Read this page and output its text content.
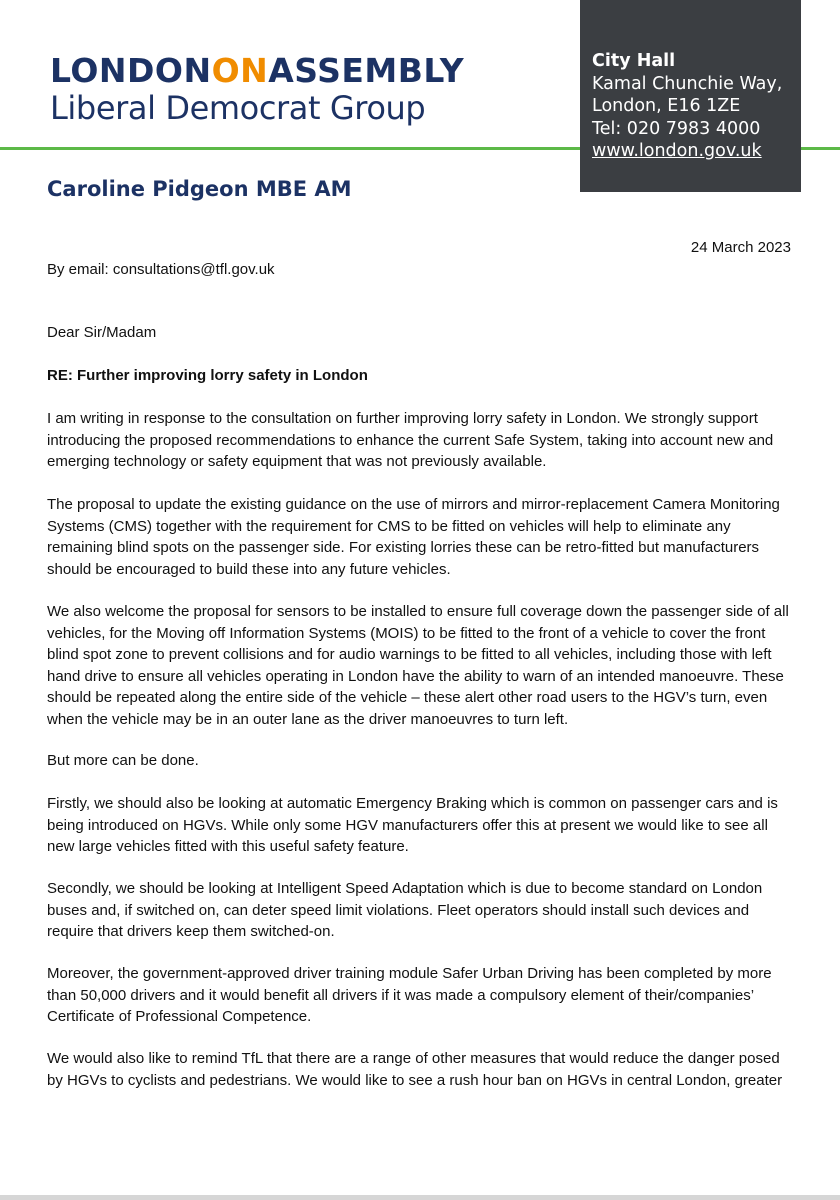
LONDONONASSEMBLY
Liberal Democrat Group
City Hall
Kamal Chunchie Way,
London, E16 1ZE
Tel: 020 7983 4000
www.london.gov.uk
Caroline Pidgeon MBE AM
24 March 2023
By email: consultations@tfl.gov.uk
Dear Sir/Madam
RE: Further improving lorry safety in London

I am writing in response to the consultation on further improving lorry safety in London. We strongly support introducing the proposed recommendations to enhance the current Safe System, taking into account new and emerging technology or safety equipment that was not previously available.

The proposal to update the existing guidance on the use of mirrors and mirror-replacement Camera Monitoring Systems (CMS) together with the requirement for CMS to be fitted on vehicles will help to eliminate any remaining blind spots on the passenger side. For existing lorries these can be retro-fitted but manufacturers should be encouraged to build these into any future vehicles.

We also welcome the proposal for sensors to be installed to ensure full coverage down the passenger side of all vehicles, for the Moving off Information Systems (MOIS) to be fitted to the front of a vehicle to cover the front blind spot zone to prevent collisions and for audio warnings to be fitted to all vehicles, including those with left hand drive to ensure all vehicles operating in London have the ability to warn of an intended manoeuvre. These should be repeated along the entire side of the vehicle – these alert other road users to the HGV’s turn, even when the vehicle may be in an outer lane as the driver manoeuvres to turn left.

But more can be done.

Firstly, we should also be looking at automatic Emergency Braking which is common on passenger cars and is being introduced on HGVs. While only some HGV manufacturers offer this at present we would like to see all new large vehicles fitted with this useful safety feature.

Secondly, we should be looking at Intelligent Speed Adaptation which is due to become standard on London buses and, if switched on, can deter speed limit violations. Fleet operators should install such devices and require that drivers keep them switched-on.

Moreover, the government-approved driver training module Safer Urban Driving has been completed by more than 50,000 drivers and it would benefit all drivers if it was made a compulsory element of their/companies’ Certificate of Professional Competence.

We would also like to remind TfL that there are a range of other measures that would reduce the danger posed by HGVs to cyclists and pedestrians. We would like to see a rush hour ban on HGVs in central London, greater
